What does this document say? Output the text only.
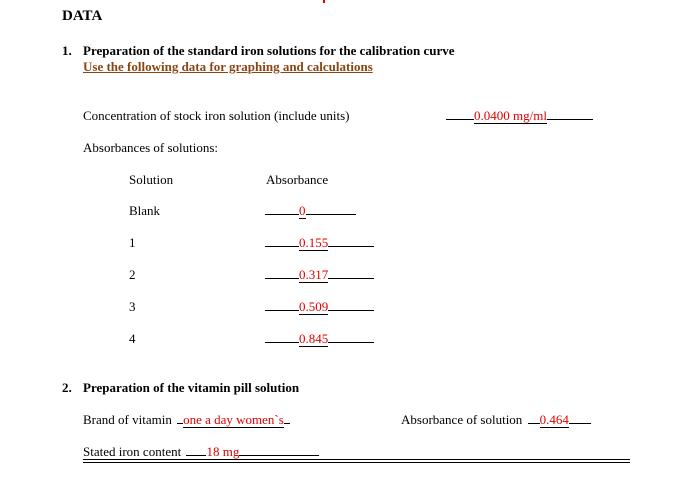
DATA
1. Preparation of the standard iron solutions for the calibration curve
Use the following data for graphing and calculations
Concentration of stock iron solution (include units)	0.0400 mg/ml
Absorbances of solutions:
Solution	Absorbance
Blank	0
1	0.155
2	0.317
3	0.509
4	0.845
2. Preparation of the vitamin pill solution
Brand of vitamin one a day women`s	Absorbance of solution 0.464
Stated iron content 18 mg
